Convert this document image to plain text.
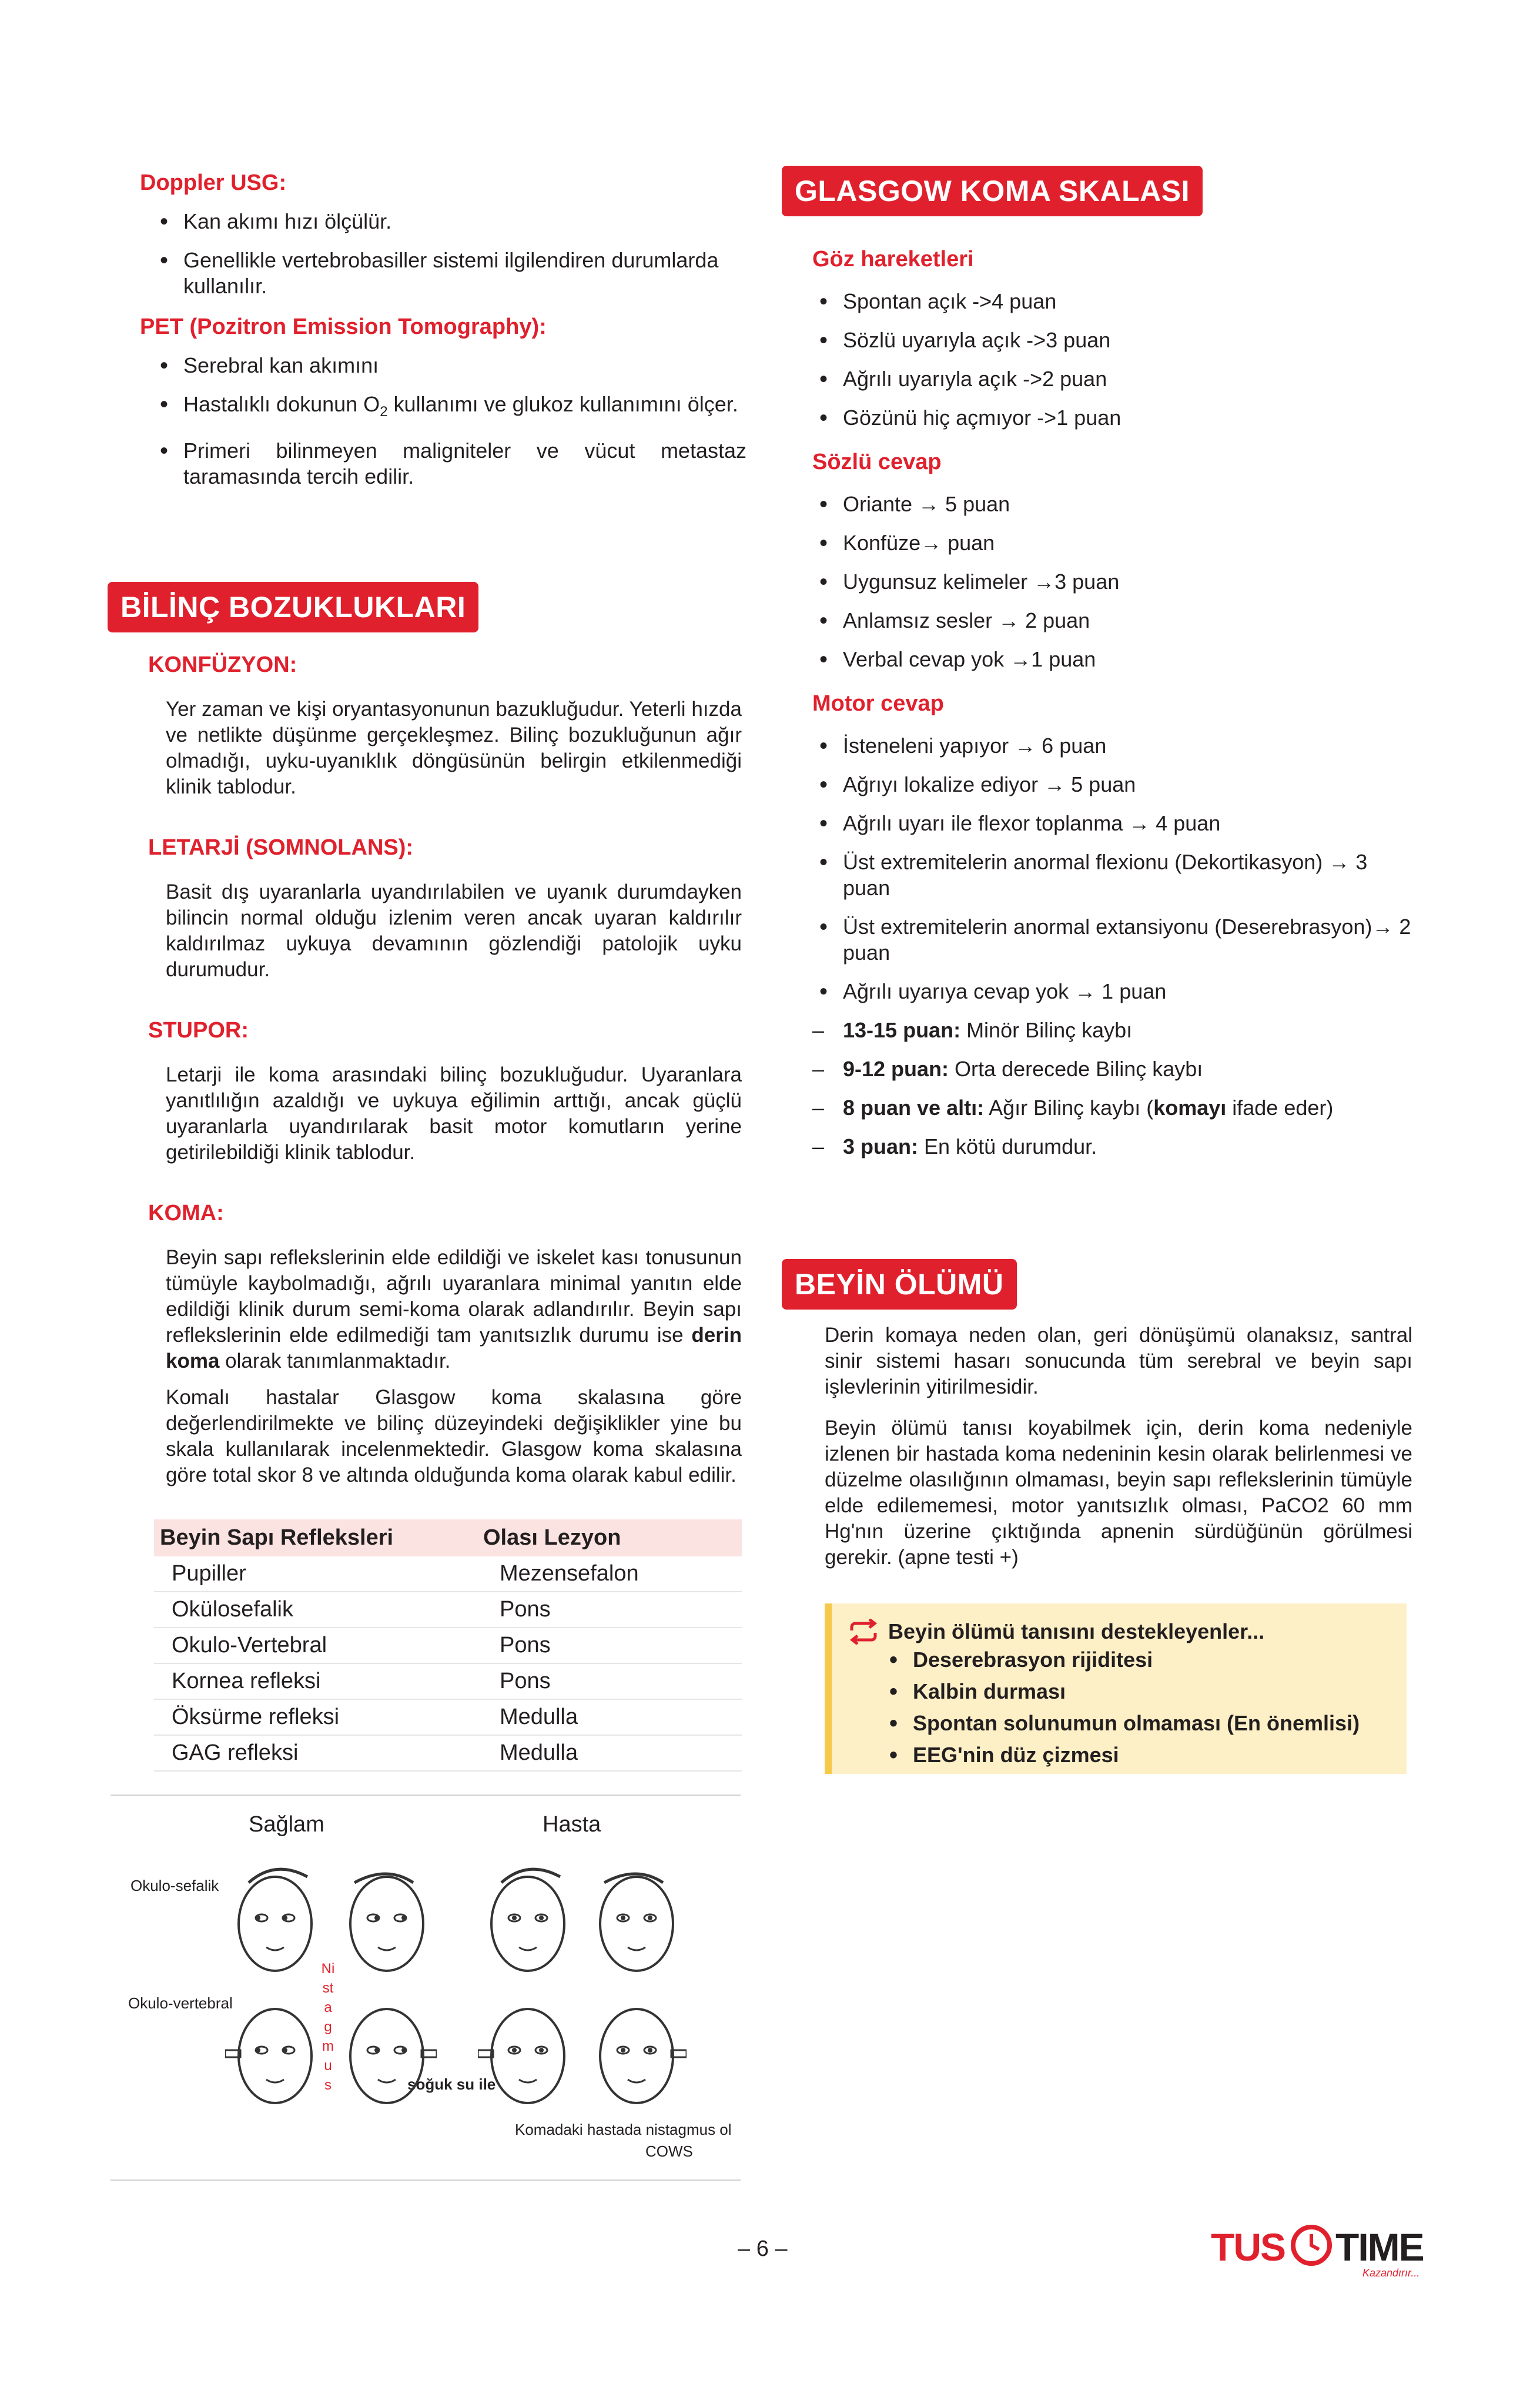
Doppler USG:
• Kan akımı hızı ölçülür.
• Genellikle vertebrobasiller sistemi ilgilendiren durumlarda kullanılır.
PET (Pozitron Emission Tomography):
• Serebral kan akımını
• Hastalıklı dokunun $O_2$ kullanımı ve glukoz kullanımını ölçer.
• Primeri bilinmeyen maligniteler ve vücut metastaz taramasında tercih edilir.
BİLİNÇ BOZUKLUKLARI
KONFÜZYON:

Yer zaman ve kişi oryantasyonunun bazukluğudur. Yeterli hızda ve netlikte düşünme gerçekleşmez. Bilinç bozukluğunun ağır olmadığı, uyku-uyanıklık döngüsünün belirgin etkilenmediği klinik tablodur.

LETARJİ (SOMNOLANS):

Basit dış uyaranlarla uyandırılabilen ve uyanık durumdayken bilincin normal olduğu izlenim veren ancak uyaran kaldırılır kaldırılmaz uykuya devamının gözlendiği patolojik uyku durumudur.

STUPOR:

Letarji ile koma arasındaki bilinç bozukluğudur. Uyaranlara yanıtlılığın azaldığı ve uykuya eğilimin arttığı, ancak güçlü uyaranlarla uyandırılarak basit motor komutların yerine getirilebildiği klinik tablodur.

KOMA:

Beyin sapı reflekslerinin elde edildiği ve iskelet kası tonusunun tümüyle kaybolmadığı, ağrılı uyaranlara minimal yanıtın elde edildiği klinik durum semi-koma olarak adlandırılır. Beyin sapı reflekslerinin elde edilmediği tam yanıtsızlık durumu ise derin koma olarak tanımlanmaktadır.

Komalı hastalar Glasgow koma skalasına göre değerlendirilmekte ve bilinç düzeyindeki değişiklikler yine bu skala kullanılarak incelenmektedir. Glasgow koma skalasına göre total skor 8 ve altında olduğunda koma olarak kabul edilir.

Beyin Sapı Refleksleri	Olası Lezyon
Pupiller	Mezensefalon
Okülosefalik	Pons
Okulo-Vertebral	Pons
Kornea refleksi	Pons
Öksürme refleksi	Medulla
GAG refleksi	Medulla
Sağlam	Hasta
Okulo-sefalik
Okulo-vertebral
Nistagmus	soğuk su ile
Komadaki hastada nistagmus ol
COWS
GLASGOW KOMA SKALASI
Göz hareketleri
• Spontan açık ->4 puan
• Sözlü uyarıyla açık ->3 puan
• Ağrılı uyarıyla açık ->2 puan
• Gözünü hiç açmıyor ->1 puan
Sözlü cevap
• Oriante → 5 puan
• Konfüze→ puan
• Uygunsuz kelimeler →3 puan
• Anlamsız sesler → 2 puan
• Verbal cevap yok →1 puan
Motor cevap
• İsteneleni yapıyor → 6 puan
• Ağrıyı lokalize ediyor → 5 puan
• Ağrılı uyarı ile flexor toplanma → 4 puan
• Üst extremitelerin anormal flexionu (Dekortikasyon) → 3 puan
• Üst extremitelerin anormal extansiyonu (Deserebrasyon)→ 2 puan
• Ağrılı uyarıya cevap yok → 1 puan
– 13-15 puan: Minör Bilinç kaybı
– 9-12 puan: Orta derecede Bilinç kaybı
– 8 puan ve altı: Ağır Bilinç kaybı (komayı ifade eder)
– 3 puan: En kötü durumdur.
BEYİN ÖLÜMÜ

Derin komaya neden olan, geri dönüşümü olanaksız, santral sinir sistemi hasarı sonucunda tüm serebral ve beyin sapı işlevlerinin yitirilmesidir.

Beyin ölümü tanısı koyabilmek için, derin koma nedeniyle izlenen bir hastada koma nedeninin kesin olarak belirlenmesi ve düzelme olasılığının olmaması, beyin sapı reflekslerinin tümüyle elde edilememesi, motor yanıtsızlık olması, PaCO2 60 mm Hg'nın üzerine çıktığında apnenin sürdüğünün görülmesi gerekir. (apne testi +)

Beyin ölümü tanısını destekleyenler...
• Deserebrasyon rijiditesi
• Kalbin durması
• Spontan solunumun olmaması (En önemlisi)
• EEG'nin düz çizmesi
– 6 –	TUS TIME
Kazandırır...
